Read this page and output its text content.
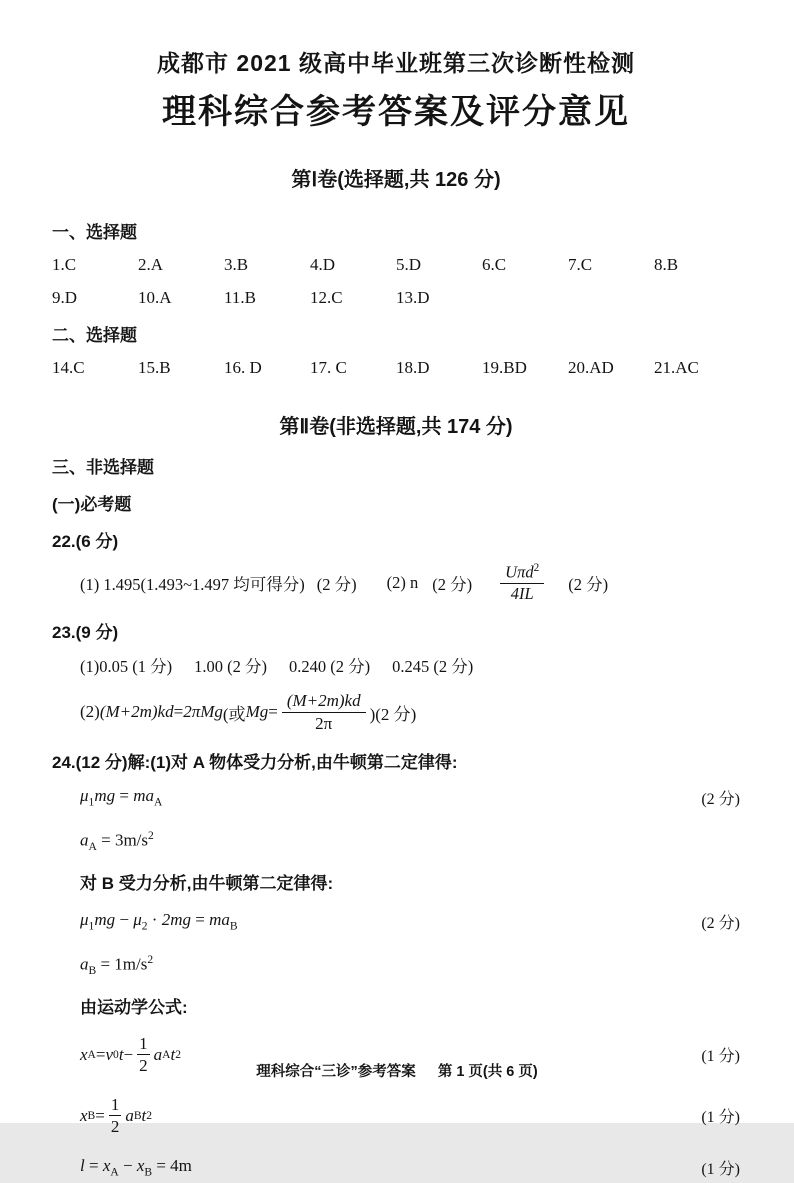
成都市 2021 级高中毕业班第三次诊断性检测
理科综合参考答案及评分意见
第Ⅰ卷(选择题,共 126 分)
一、选择题
1.C	2.A	3.B	4.D	5.D	6.C	7.C	8.B
9.D	10.A	11.B	12.C	13.D
二、选择题
14.C	15.B	16. D	17. C	18.D	19.BD	20.AD	21.AC
第Ⅱ卷(非选择题,共 174 分)
三、非选择题
(一)必考题
22.(6 分)
(1) 1.495(1.493~1.497 均可得分) (2 分) (2) n (2 分) $\frac{U\pi d^2}{4IL} (2$ 分)
23.(9 分)
(1)0.05 (1 分) 1.00 (2 分) 0.240 (2 分) 0.245 (2 分)
(2) (M+2m)kd = 2πMg (或 $Mg = \frac{(M+2m)kd}{2\pi} )(2$ 分)
24.(12 分)解:(1)对 A 物体受力分析,由牛顿第二定律得:
$\mu_1mg = ma_A$	(2 分)
$a_A = 3m/s^2$
对 B 受力分析,由牛顿第二定律得:
$\mu_1mg - \mu_2 \cdot 2mg = ma_B$	(2 分)
$a_B = 1m/s^2$
由运动学公式:
x A = v 0 $t - \frac{1}{2}$ a A t 2	(1 分)
x $B = \frac{1}{2}$ a B t 2	(1 分)
$l = x_A - x_B = 4m$	(1 分)
理科综合“三诊”参考答案 第 1 页(共 6 页)
